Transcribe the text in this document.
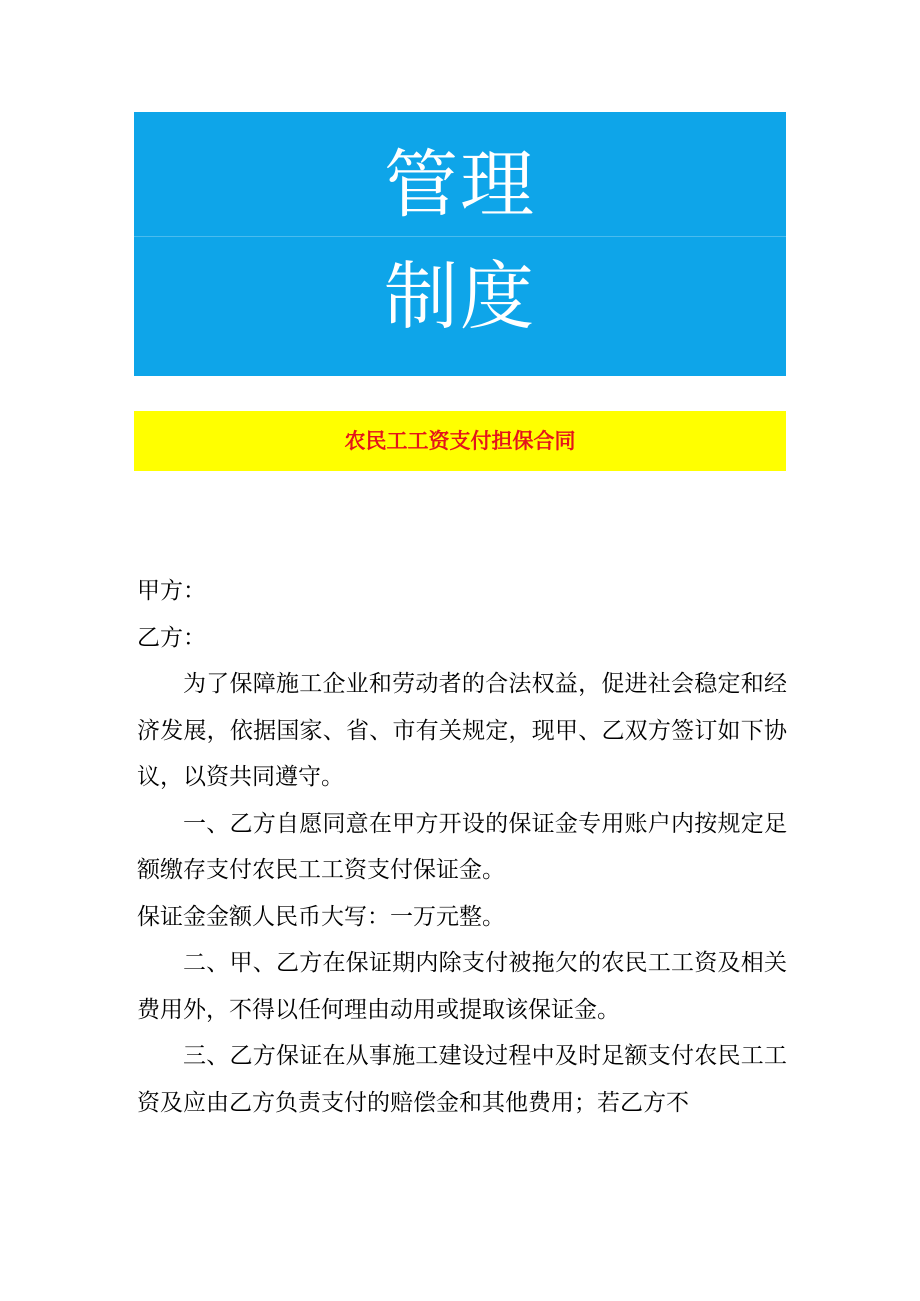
管理
制度
农民工工资支付担保合同

甲方：

乙方：

为了保障施工企业和劳动者的合法权益，促进社会稳定和经济发展，依据国家、省、市有关规定，现甲、乙双方签订如下协议，以资共同遵守。

一、乙方自愿同意在甲方开设的保证金专用账户内按规定足额缴存支付农民工工资支付保证金。

保证金金额人民币大写：一万元整。

二、甲、乙方在保证期内除支付被拖欠的农民工工资及相关费用外，不得以任何理由动用或提取该保证金。

三、乙方保证在从事施工建设过程中及时足额支付农民工工资及应由乙方负责支付的赔偿金和其他费用；若乙方不
